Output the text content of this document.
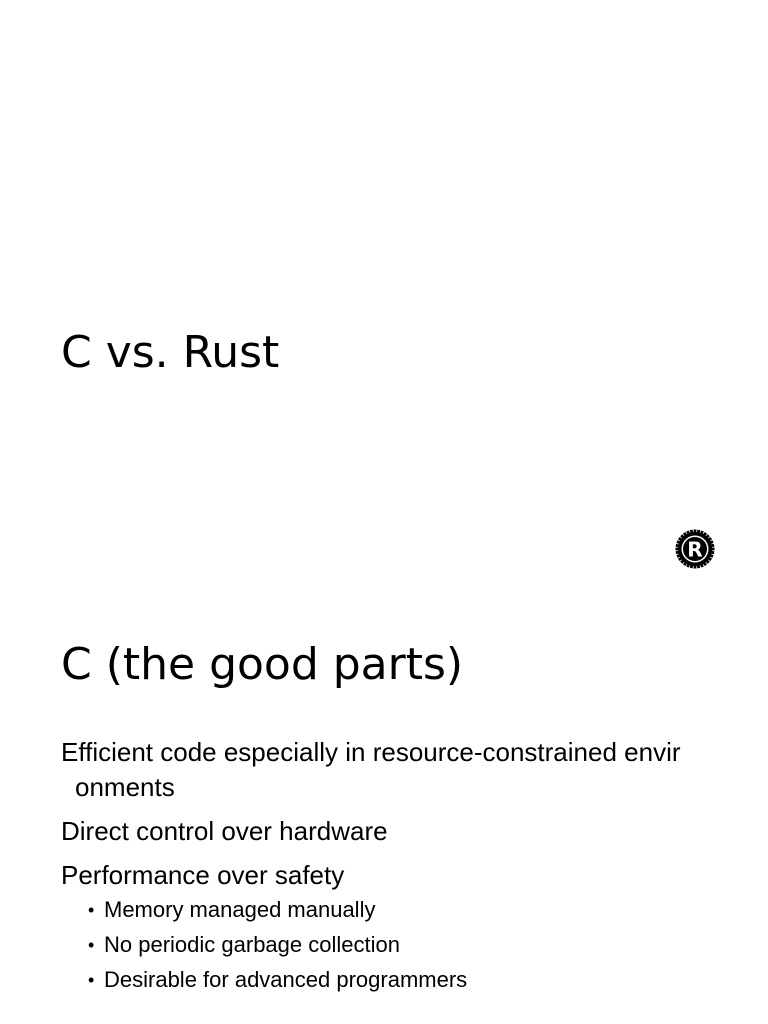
C vs. Rust
R
C (the good parts)
Efficient code especially in resource-constrained envir onments
Direct control over hardware
Performance over safety
• Memory managed manually
• No periodic garbage collection
• Desirable for advanced programmers
